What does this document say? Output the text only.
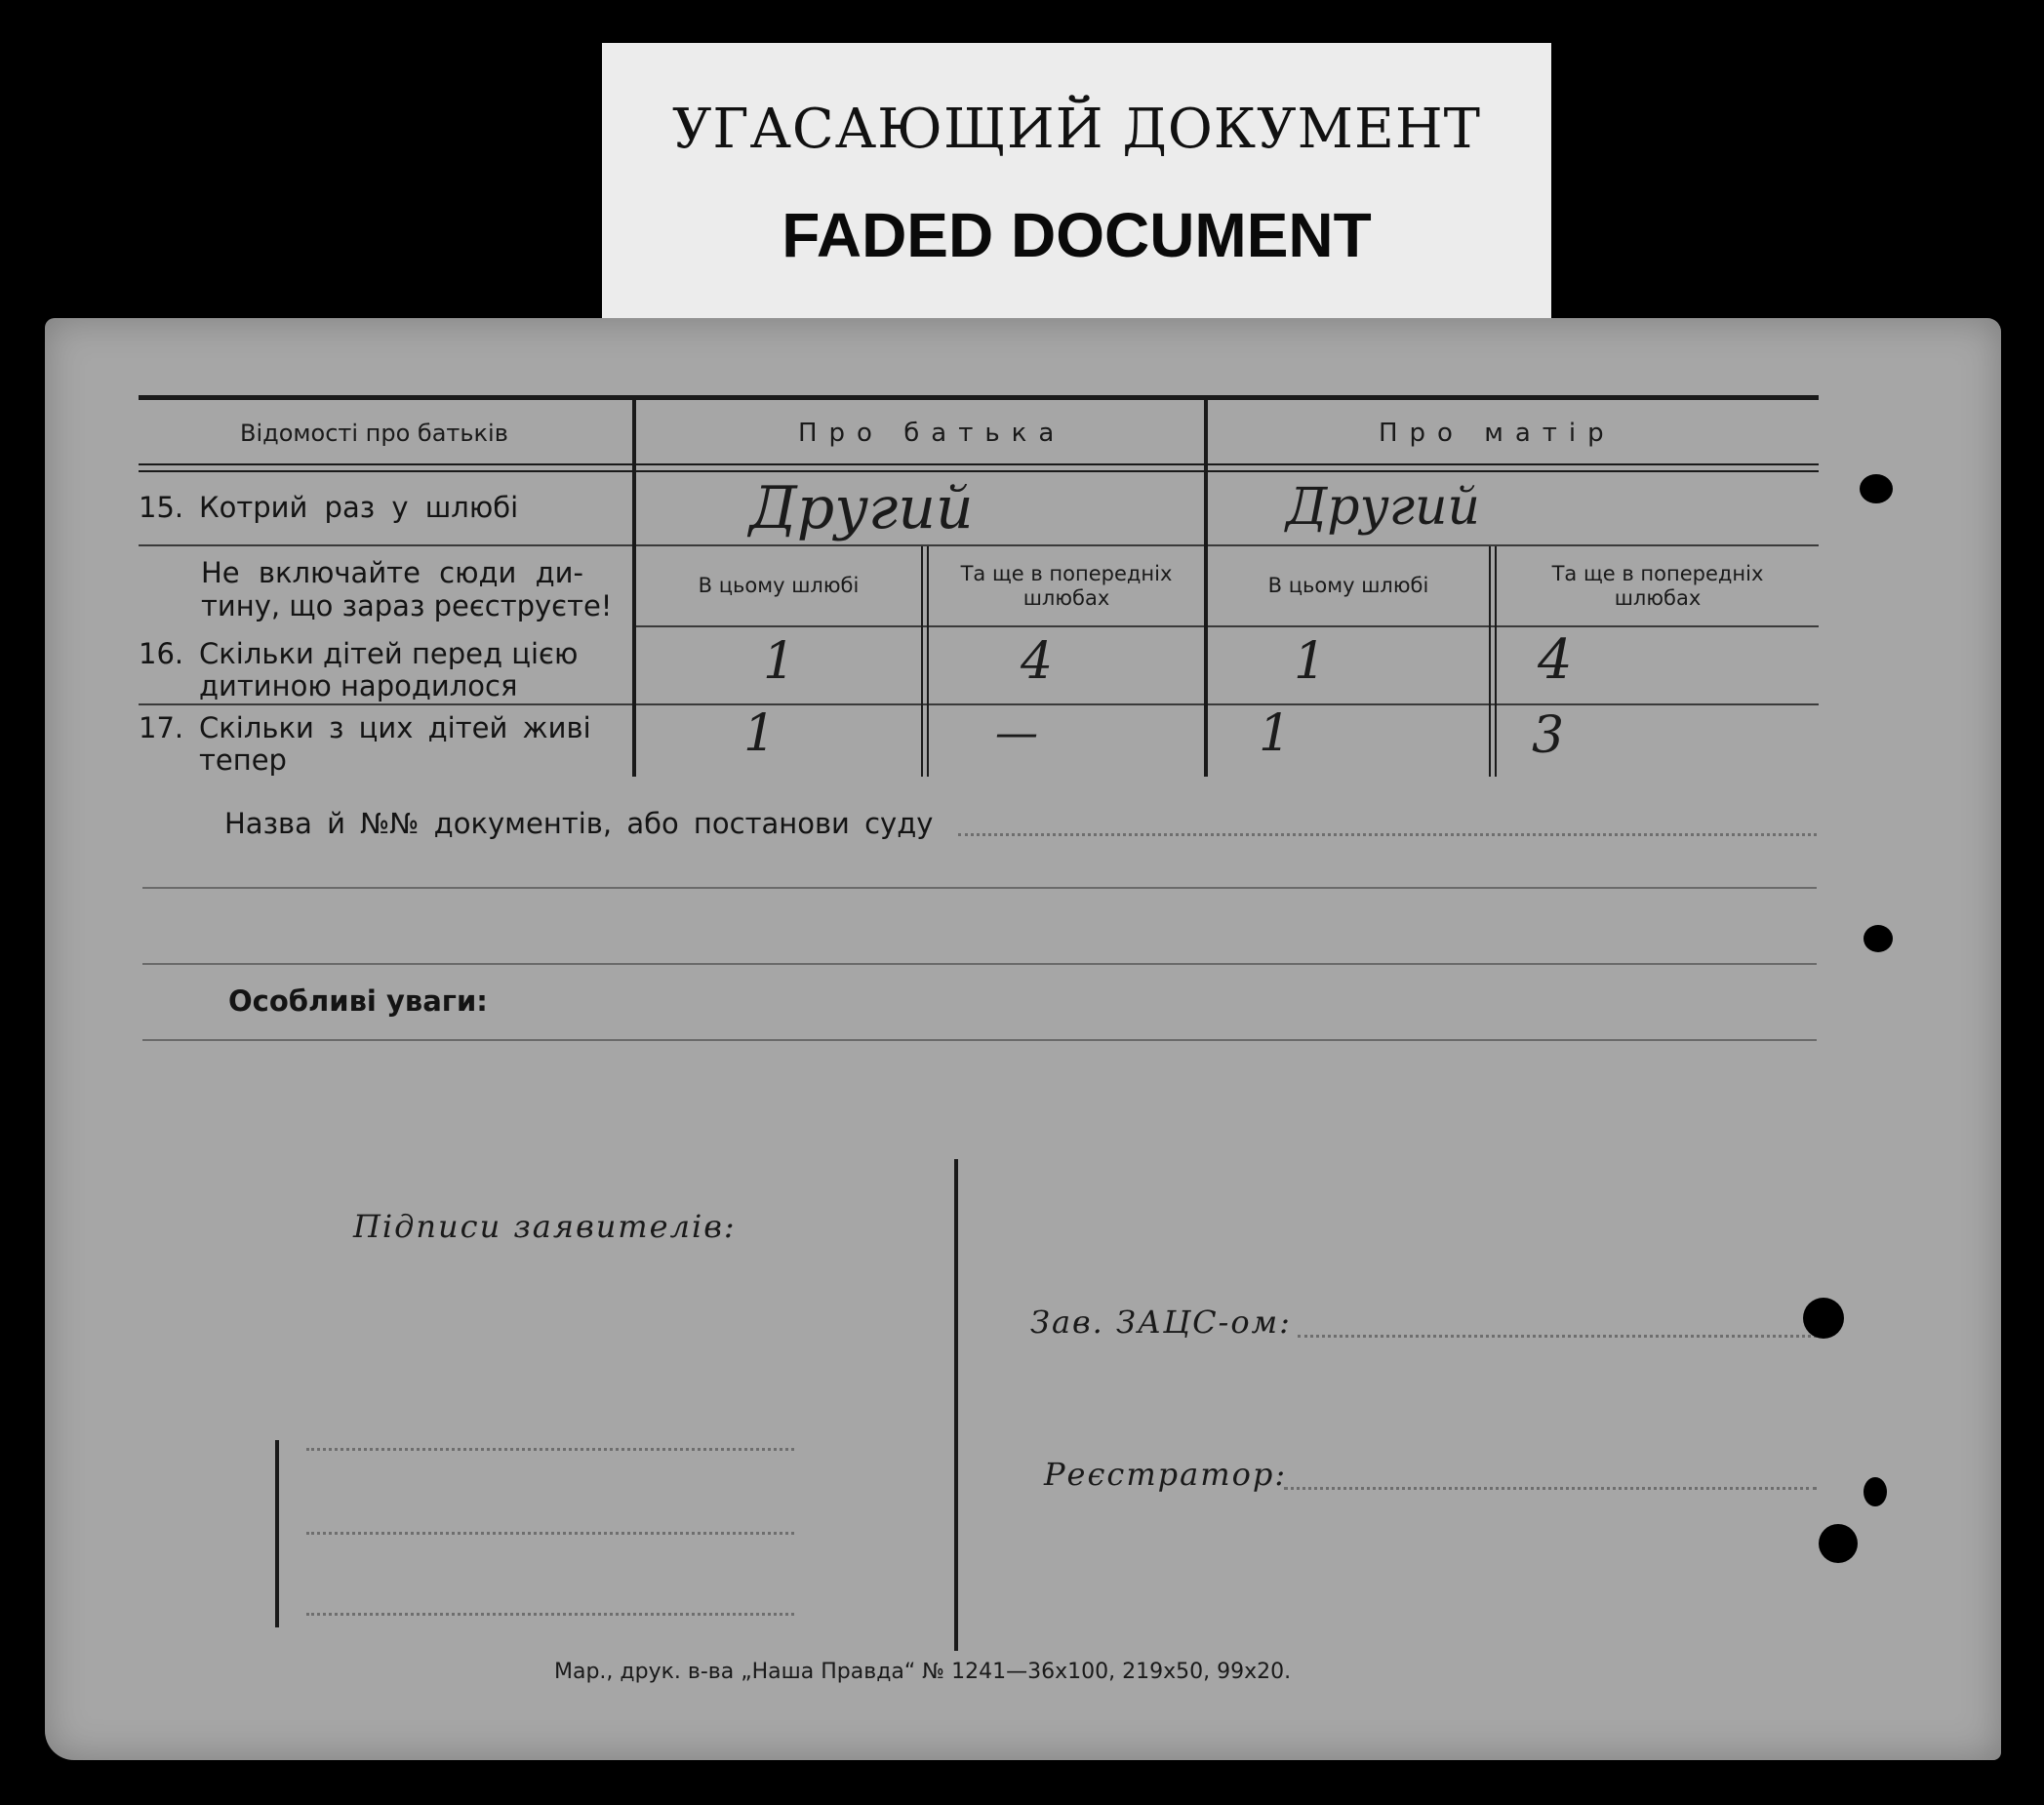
УГАСАЮЩИЙ ДОКУМЕНТ
FADED DOCUMENT
Відомості про батьків	Про батька	Про матір
15. Котрий раз у шлюбі	Другий	Другий
Не включайте сюди ди-
тину, що зараз реєструєте!
В цьому шлюбі	Та ще в попередніх
шлюбах
В цьому шлюбі	Та ще в попередніх
шлюбах
16. Скільки дітей перед цією
дитиною народилося	1	4	1	4
17. Скільки з цих дітей живі
тепер	1	—	1	3
Назва й №№ документів, або постанови суду
Особливі уваги:
Підписи заявителів:
Зав. ЗАЦС-ом:
Реєстратор:
Мар., друк. в-ва „Наша Правда“ № 1241—36х100, 219х50, 99х20.
